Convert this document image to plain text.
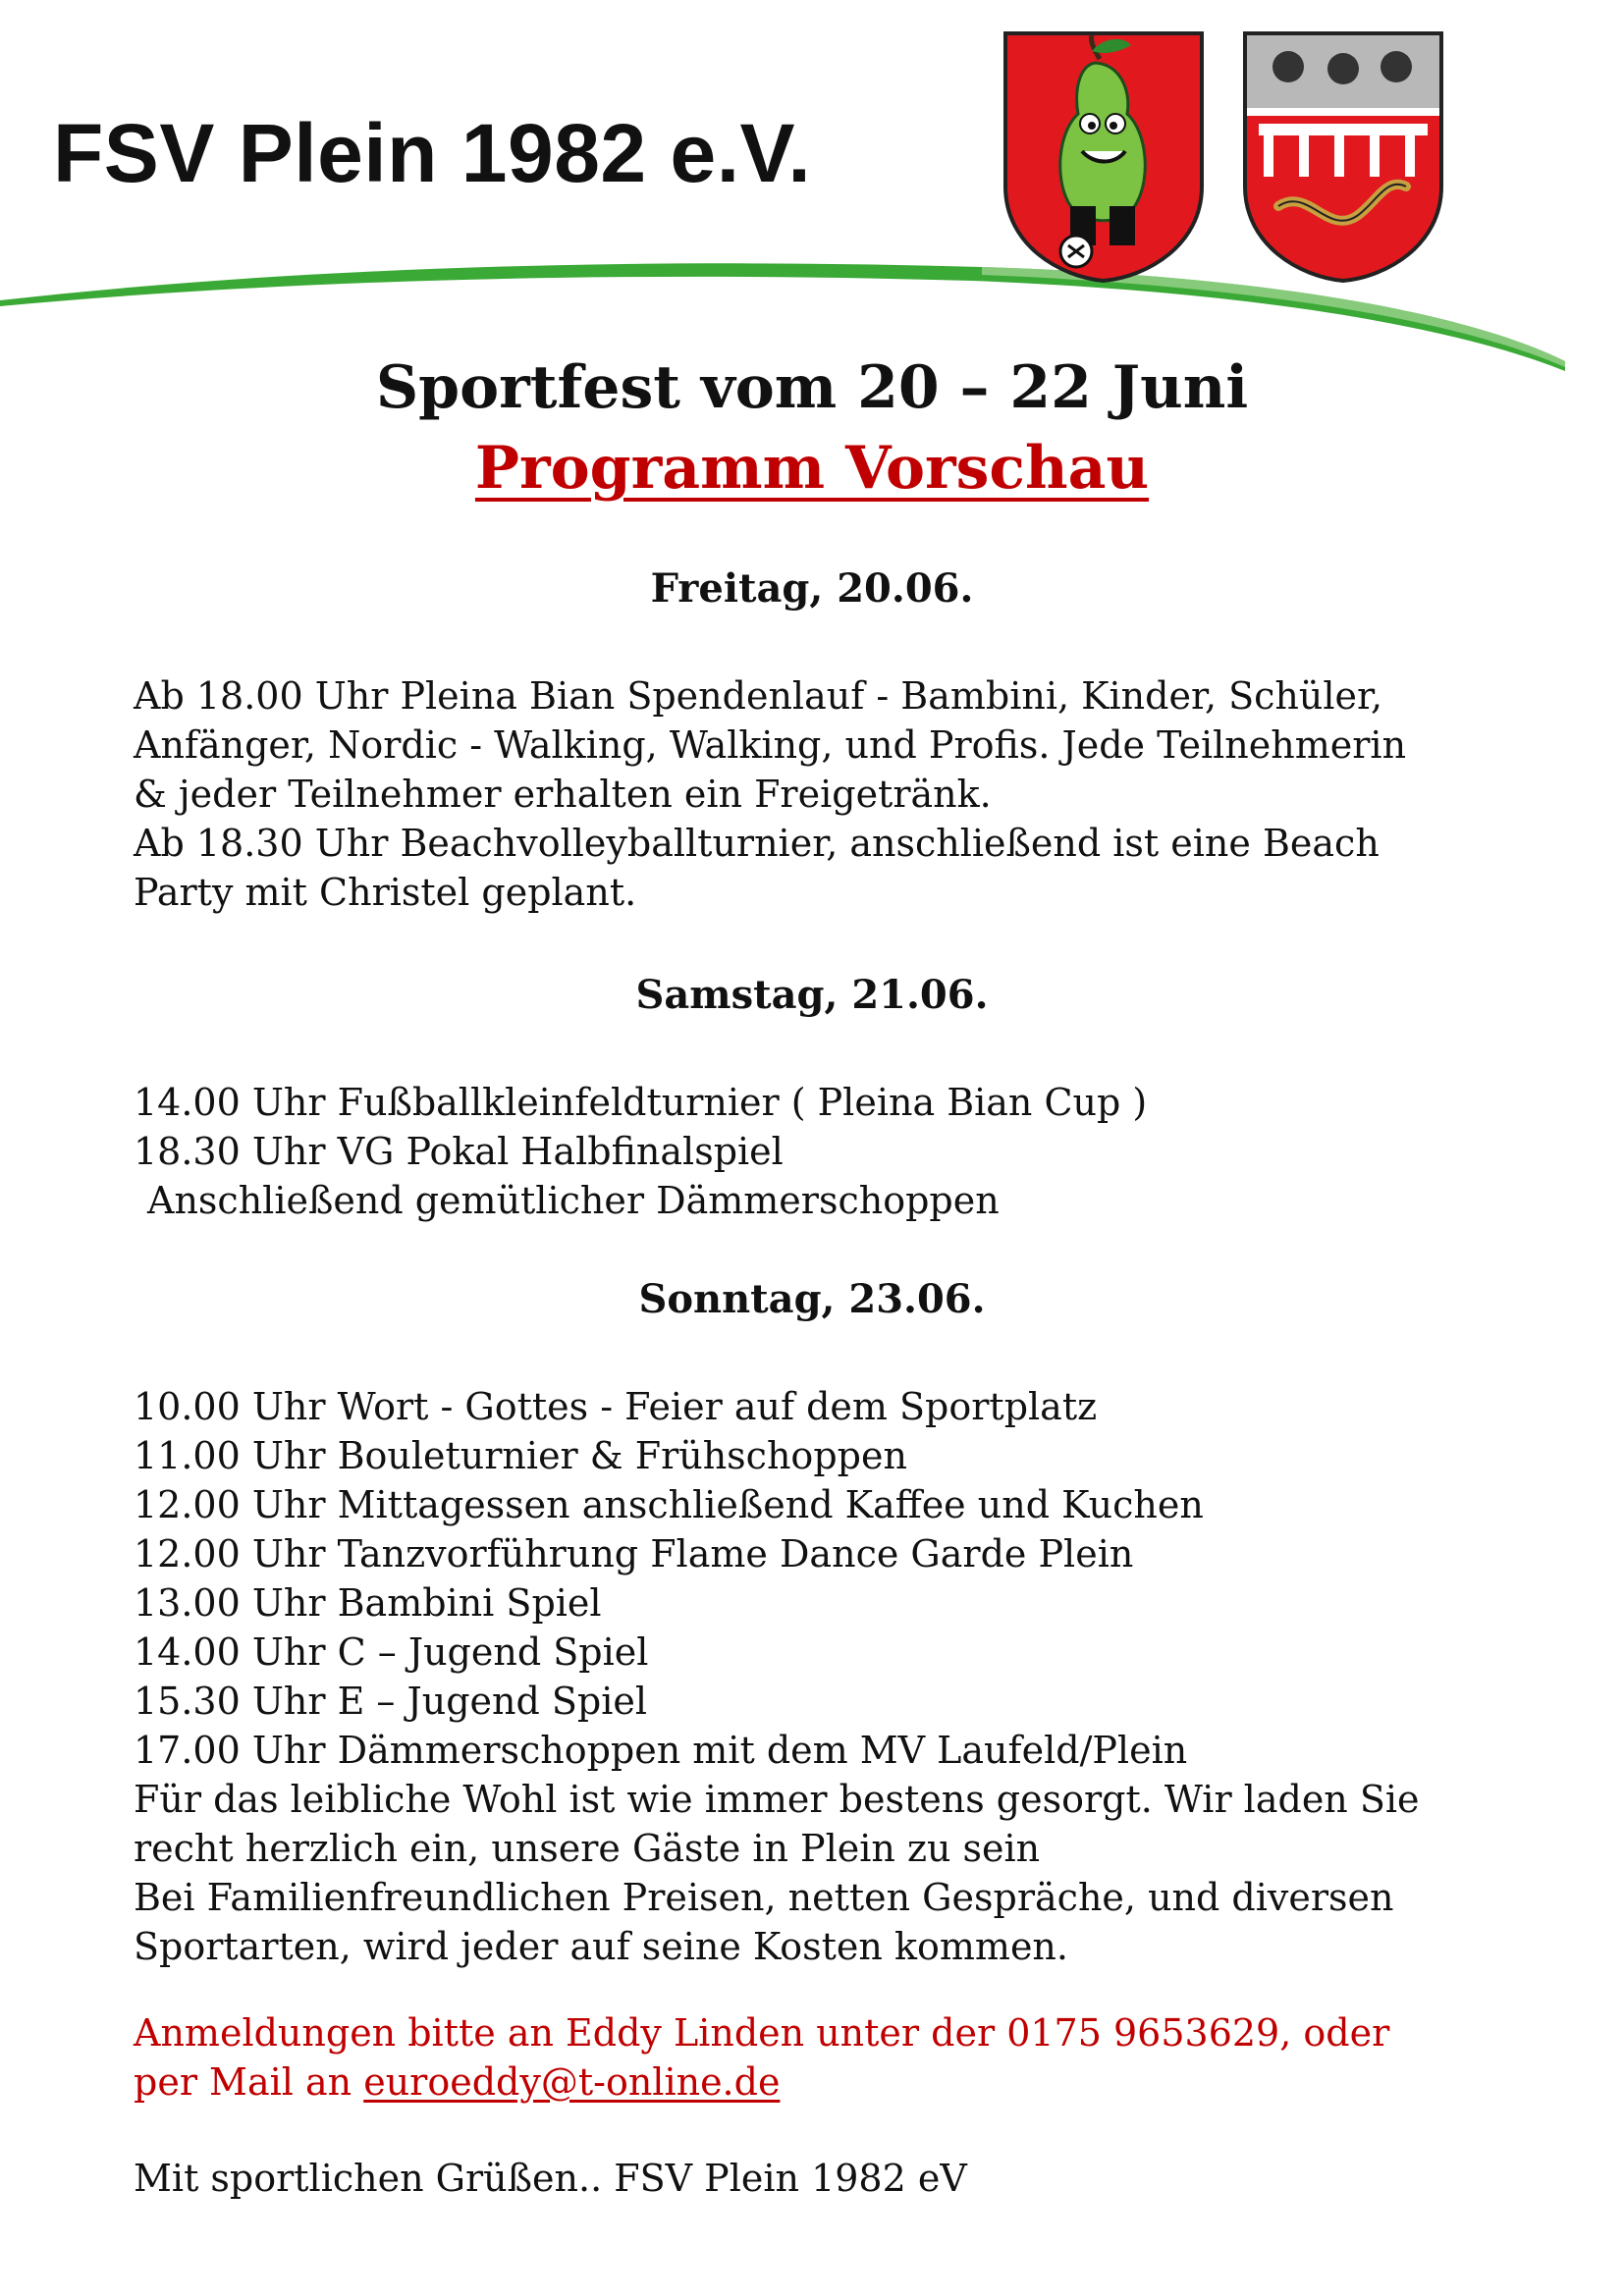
FSV Plein 1982 e.V.
Sportfest vom 20 – 22 Juni
Programm Vorschau
Freitag, 20.06.
Ab 18.00 Uhr Pleina Bian Spendenlauf - Bambini, Kinder, Schüler,
Anfänger, Nordic - Walking, Walking, und Profis. Jede Teilnehmerin
& jeder Teilnehmer erhalten ein Freigetränk.
Ab 18.30 Uhr Beachvolleyballturnier, anschließend ist eine Beach
Party mit Christel geplant.
Samstag, 21.06.
14.00 Uhr Fußballkleinfeldturnier ( Pleina Bian Cup )
18.30 Uhr VG Pokal Halbfinalspiel
Anschließend gemütlicher Dämmerschoppen
Sonntag, 23.06.
10.00 Uhr Wort - Gottes - Feier auf dem Sportplatz
11.00 Uhr Bouleturnier & Frühschoppen
12.00 Uhr Mittagessen anschließend Kaffee und Kuchen
12.00 Uhr Tanzvorführung Flame Dance Garde Plein
13.00 Uhr Bambini Spiel
14.00 Uhr C – Jugend Spiel
15.30 Uhr E – Jugend Spiel
17.00 Uhr Dämmerschoppen mit dem MV Laufeld/Plein
Für das leibliche Wohl ist wie immer bestens gesorgt. Wir laden Sie
recht herzlich ein, unsere Gäste in Plein zu sein
Bei Familienfreundlichen Preisen, netten Gespräche, und diversen
Sportarten, wird jeder auf seine Kosten kommen.
Anmeldungen bitte an Eddy Linden unter der 0175 9653629, oder
per Mail an euroeddy@t-online.de
Mit sportlichen Grüßen.. FSV Plein 1982 eV
